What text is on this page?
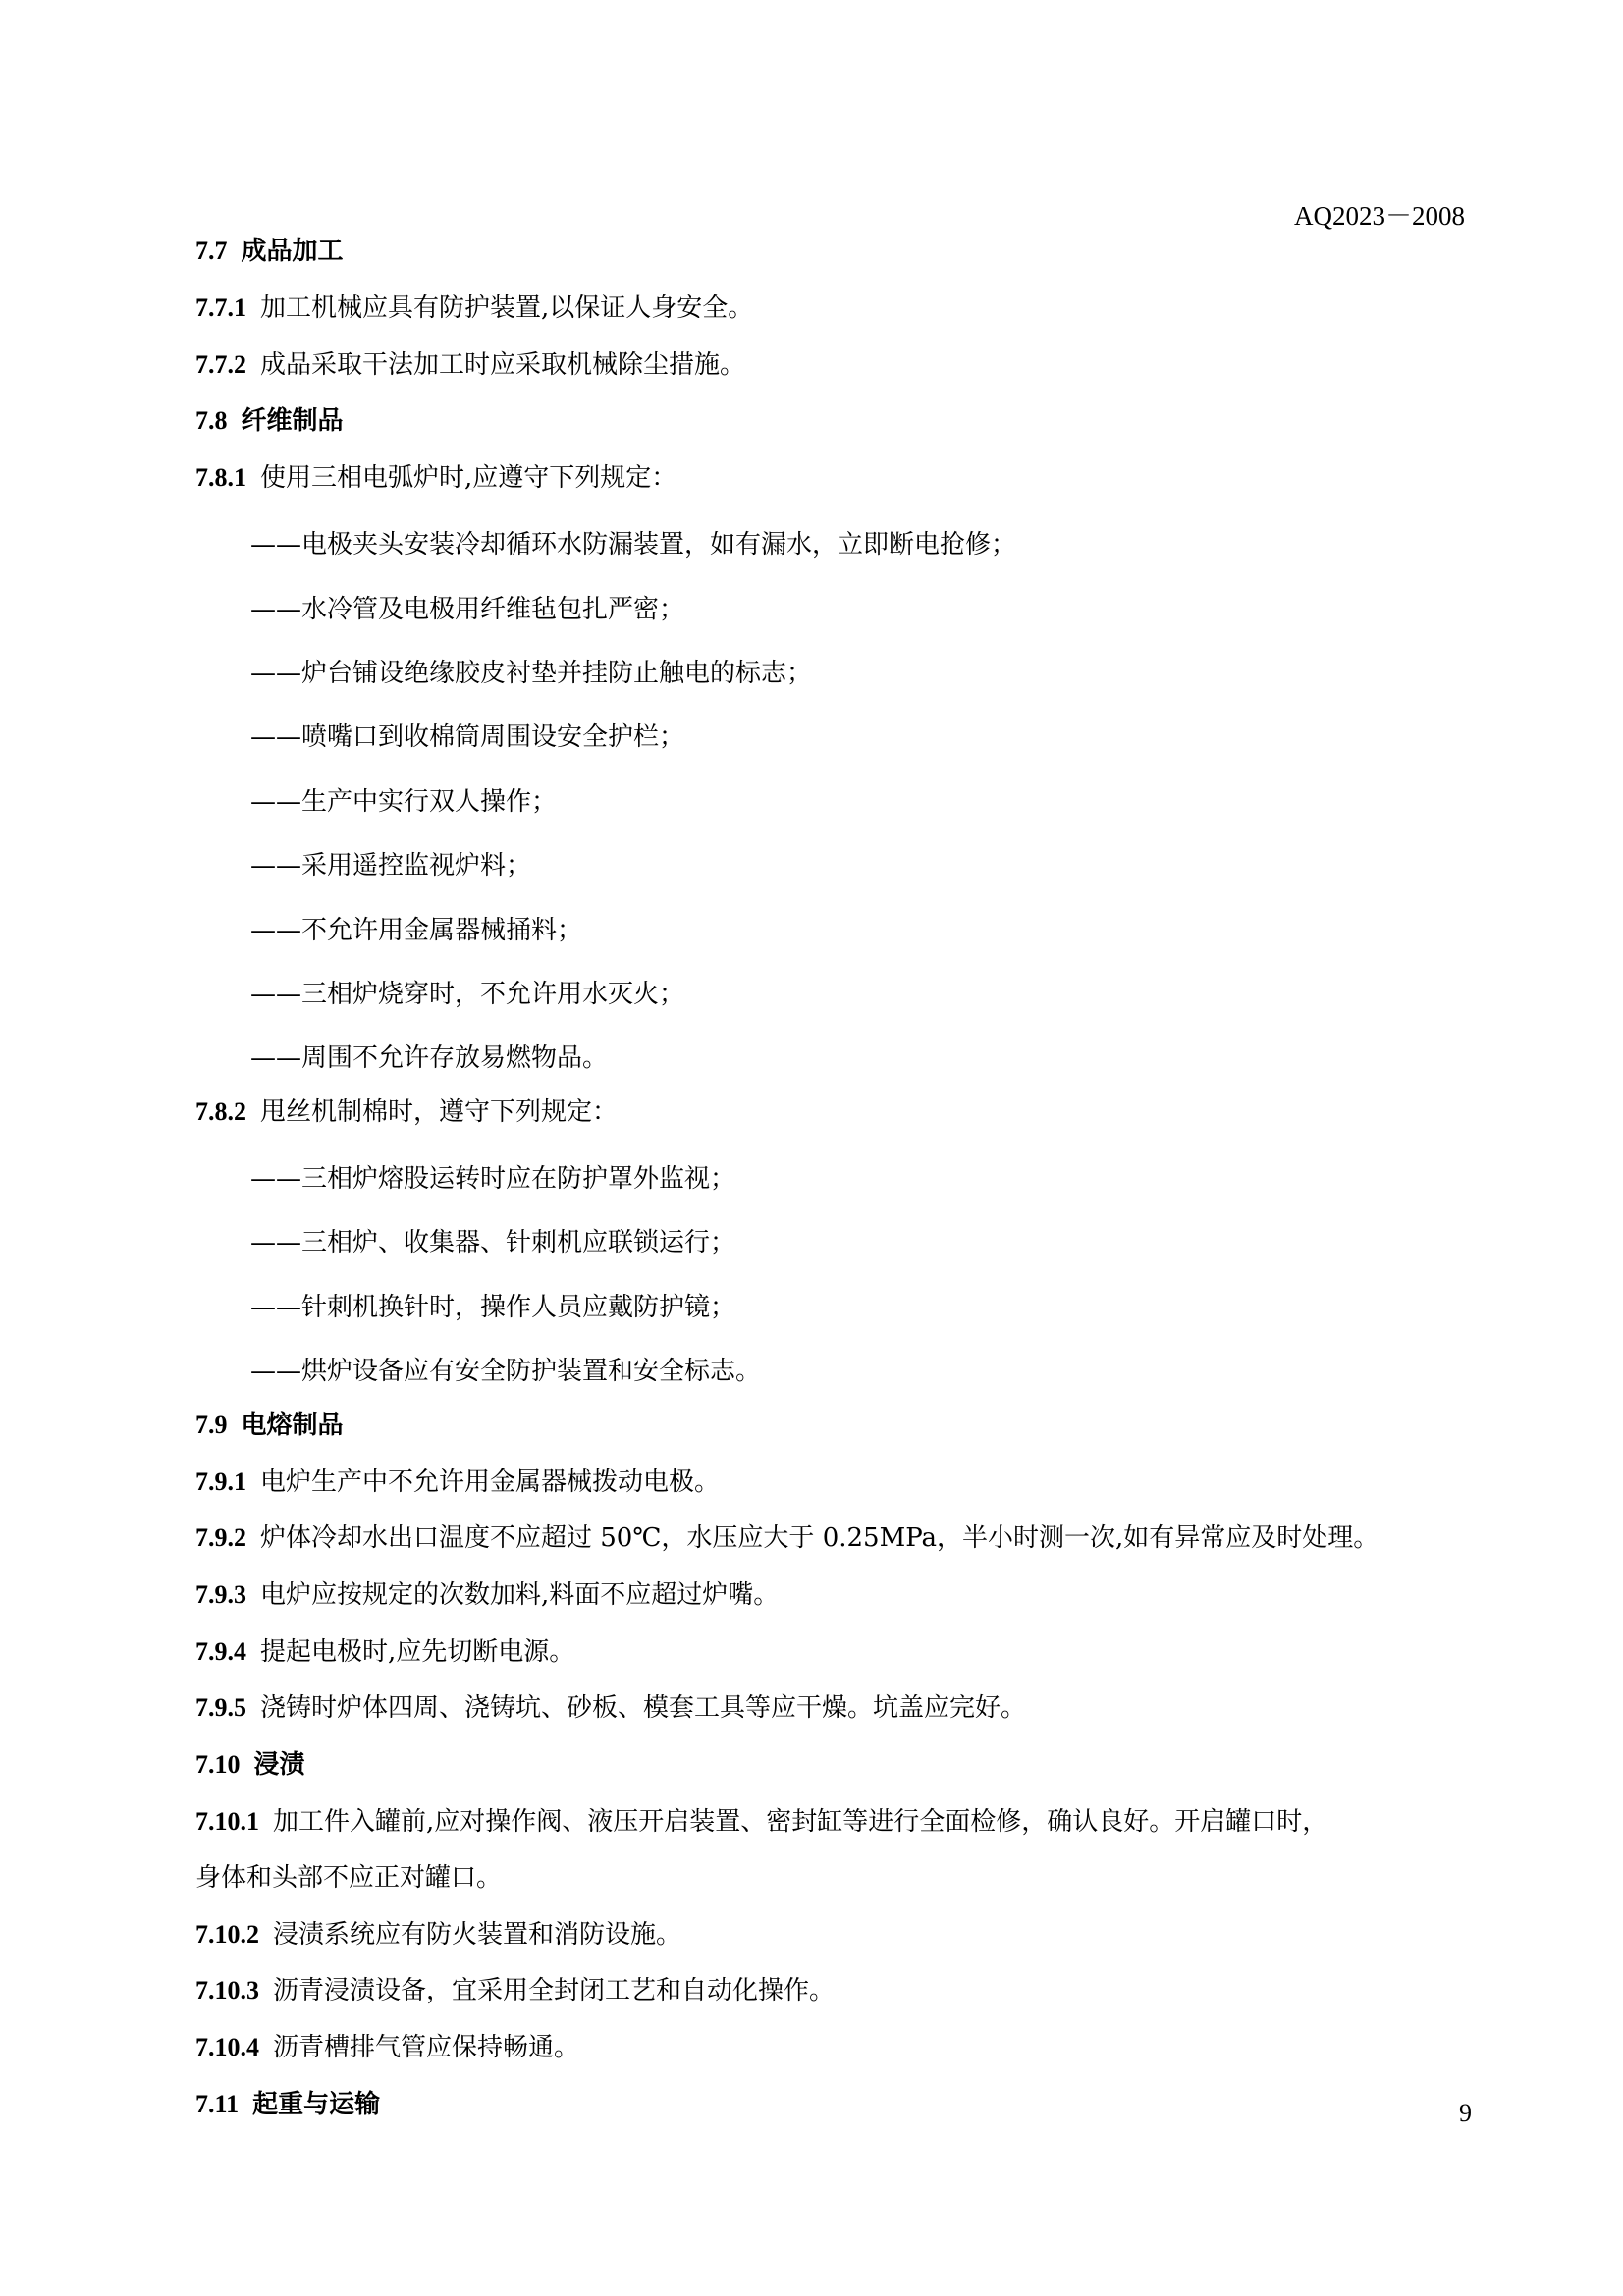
AQ2023－2008
7.7 成品加工
7.7.1 加工机械应具有防护装置,以保证人身安全。
7.7.2 成品采取干法加工时应采取机械除尘措施。
7.8 纤维制品
7.8.1 使用三相电弧炉时,应遵守下列规定：
——电极夹头安装冷却循环水防漏装置，如有漏水，立即断电抢修；
——水冷管及电极用纤维毡包扎严密；
——炉台铺设绝缘胶皮衬垫并挂防止触电的标志；
——喷嘴口到收棉筒周围设安全护栏；
——生产中实行双人操作；
——采用遥控监视炉料；
——不允许用金属器械捅料；
——三相炉烧穿时，不允许用水灭火；
——周围不允许存放易燃物品。
7.8.2 甩丝机制棉时，遵守下列规定：
——三相炉熔股运转时应在防护罩外监视；
——三相炉、收集器、针刺机应联锁运行；
——针刺机换针时，操作人员应戴防护镜；
——烘炉设备应有安全防护装置和安全标志。
7.9 电熔制品
7.9.1 电炉生产中不允许用金属器械拨动电极。
7.9.2 炉体冷却水出口温度不应超过 50℃，水压应大于 0.25MPa，半小时测一次,如有异常应及时处理。
7.9.3 电炉应按规定的次数加料,料面不应超过炉嘴。
7.9.4 提起电极时,应先切断电源。
7.9.5 浇铸时炉体四周、浇铸坑、砂板、模套工具等应干燥。坑盖应完好。
7.10 浸渍
7.10.1 加工件入罐前,应对操作阀、液压开启装置、密封缸等进行全面检修，确认良好。开启罐口时，
身体和头部不应正对罐口。
7.10.2 浸渍系统应有防火装置和消防设施。
7.10.3 沥青浸渍设备，宜采用全封闭工艺和自动化操作。
7.10.4 沥青槽排气管应保持畅通。
7.11 起重与运输	9
